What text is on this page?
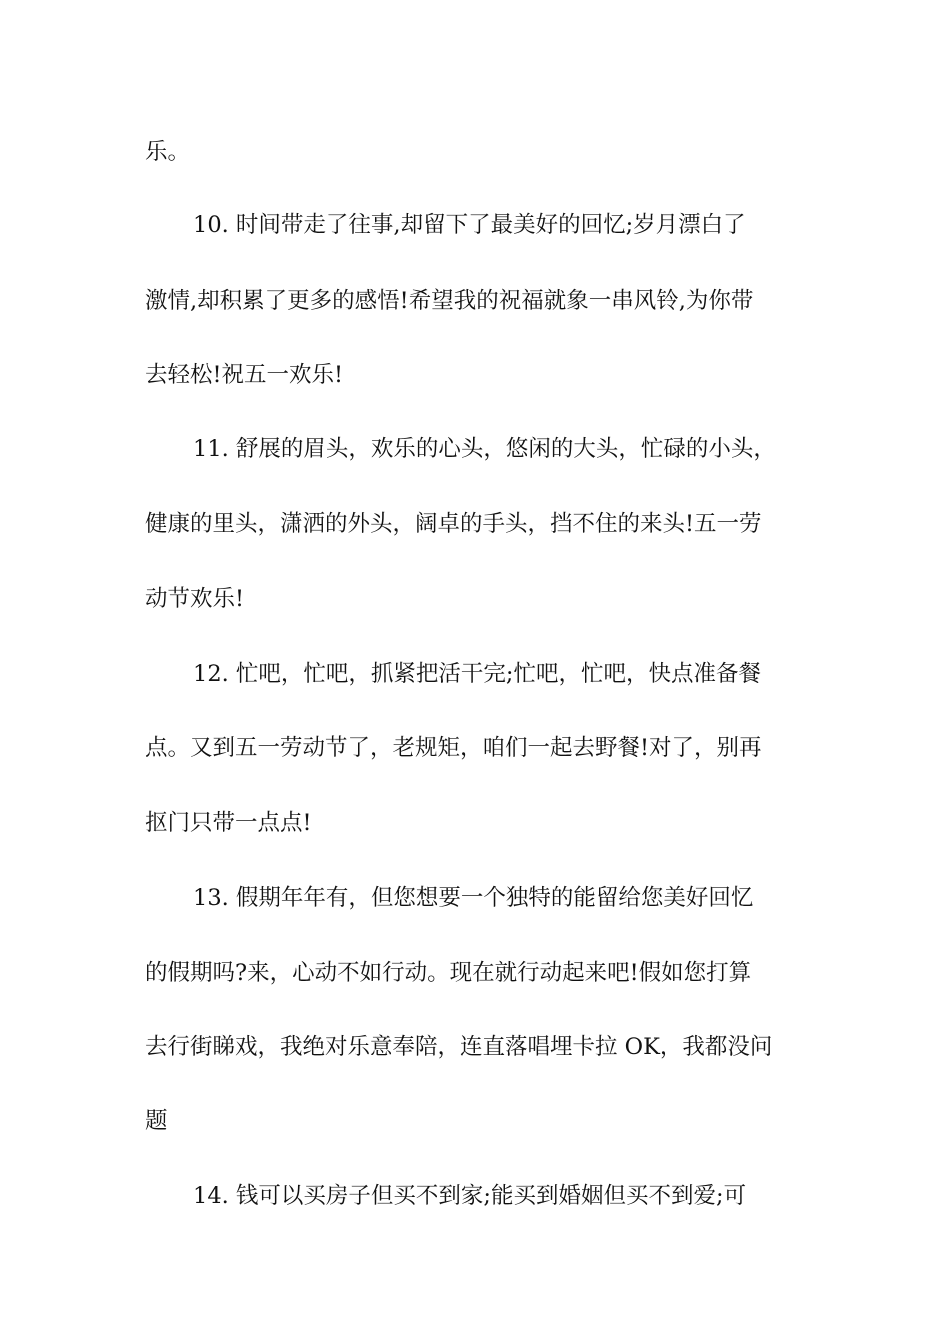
乐。
10. 时间带走了往事,却留下了最美好的回忆;岁月漂白了
激情,却积累了更多的感悟!希望我的祝福就象一串风铃,为你带
去轻松!祝五一欢乐!
11. 舒展的眉头，欢乐的心头，悠闲的大头，忙碌的小头，
健康的里头，潇洒的外头，阔卓的手头，挡不住的来头!五一劳
动节欢乐!
12. 忙吧，忙吧，抓紧把活干完;忙吧，忙吧，快点准备餐
点。又到五一劳动节了，老规矩，咱们一起去野餐!对了，别再
抠门只带一点点!
13. 假期年年有，但您想要一个独特的能留给您美好回忆
的假期吗?来，心动不如行动。现在就行动起来吧!假如您打算
去行街睇戏，我绝对乐意奉陪，连直落唱埋卡拉 OK，我都没问
题
14. 钱可以买房子但买不到家;能买到婚姻但买不到爱;可
